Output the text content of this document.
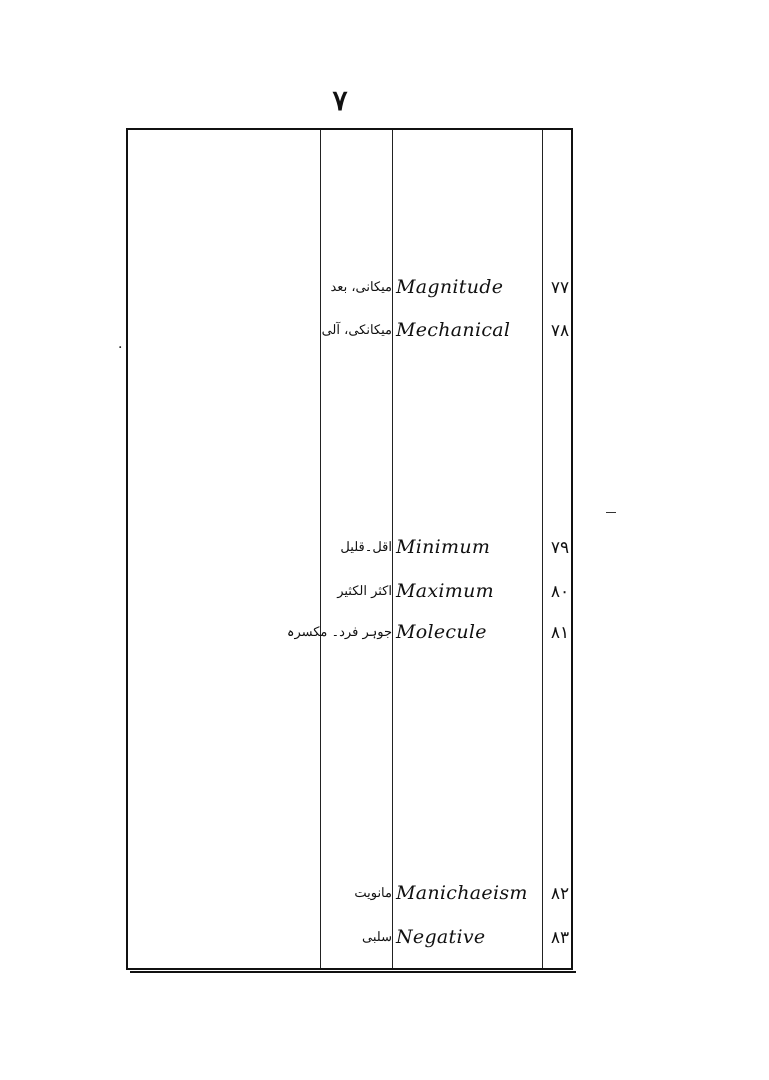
۷
·
۷۷
Magnitude
میکانی، بعد
۷۸
Mechanical
میکانکی، آلی
۷۹
Minimum
اقل۔قلیل
۸۰
Maximum
اکثر الکثیر
۸۱
Molecule
جوہر فرد۔ مکسرہ
۸۲
Manichaeism
مانویت
۸۳
Negative
سلبی
